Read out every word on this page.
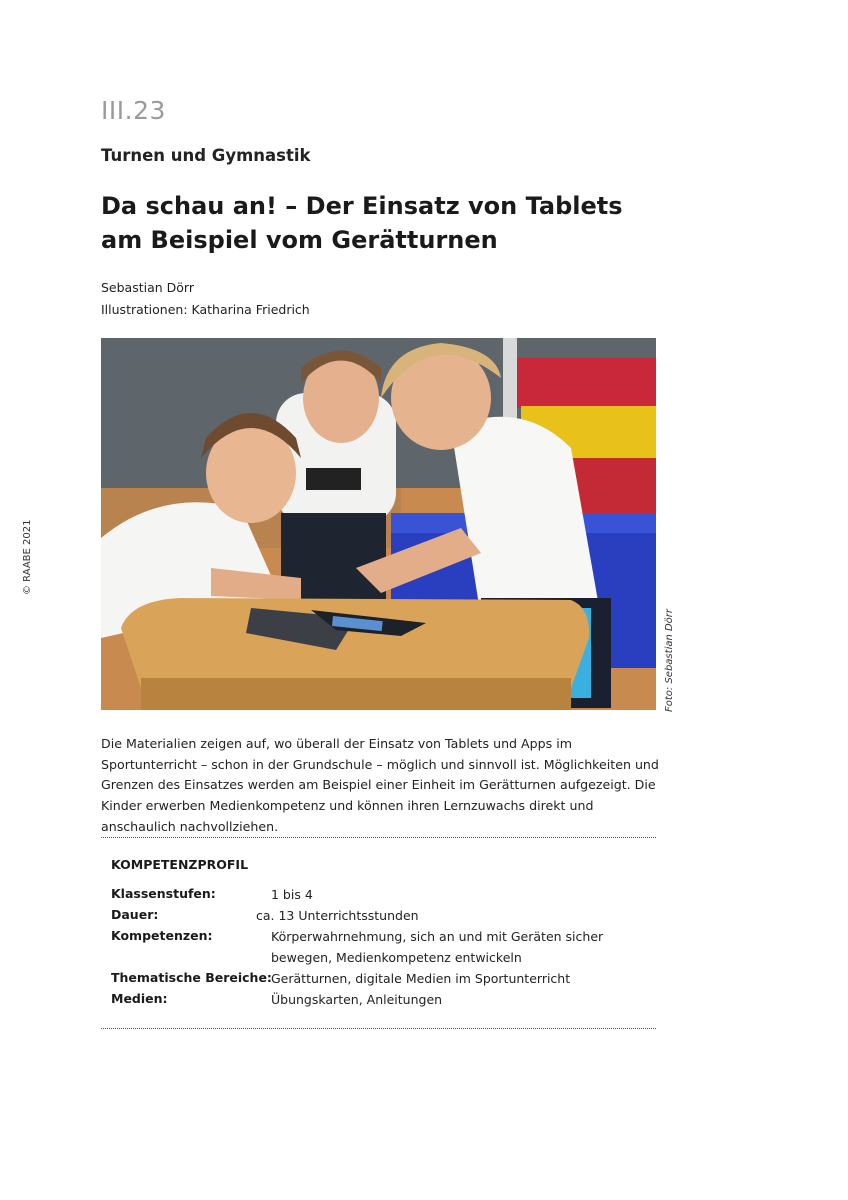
III.23
Turnen und Gymnastik
Da schau an! – Der Einsatz von Tablets
am Beispiel vom Gerätturnen
Sebastian Dörr
Illustrationen: Katharina Friedrich
© RAABE 2021
Foto: Sebastian Dörr
Die Materialien zeigen auf, wo überall der Einsatz von Tablets und Apps im Sportunterricht – schon in der Grundschule – möglich und sinnvoll ist. Möglichkeiten und Grenzen des Einsatzes werden am Beispiel einer Einheit im Gerätturnen aufgezeigt. Die Kinder erwerben Medienkompetenz und können ihren Lernzuwachs direkt und anschaulich nachvollziehen.
KOMPETENZPROFIL
Klassenstufen:	1 bis 4
Dauer:	ca. 13 Unterrichtsstunden
Kompetenzen:	Körperwahrnehmung, sich an und mit Geräten sicher bewegen, Medienkompetenz entwickeln
Thematische Bereiche: Gerätturnen, digitale Medien im Sportunterricht
Medien:	Übungskarten, Anleitungen
